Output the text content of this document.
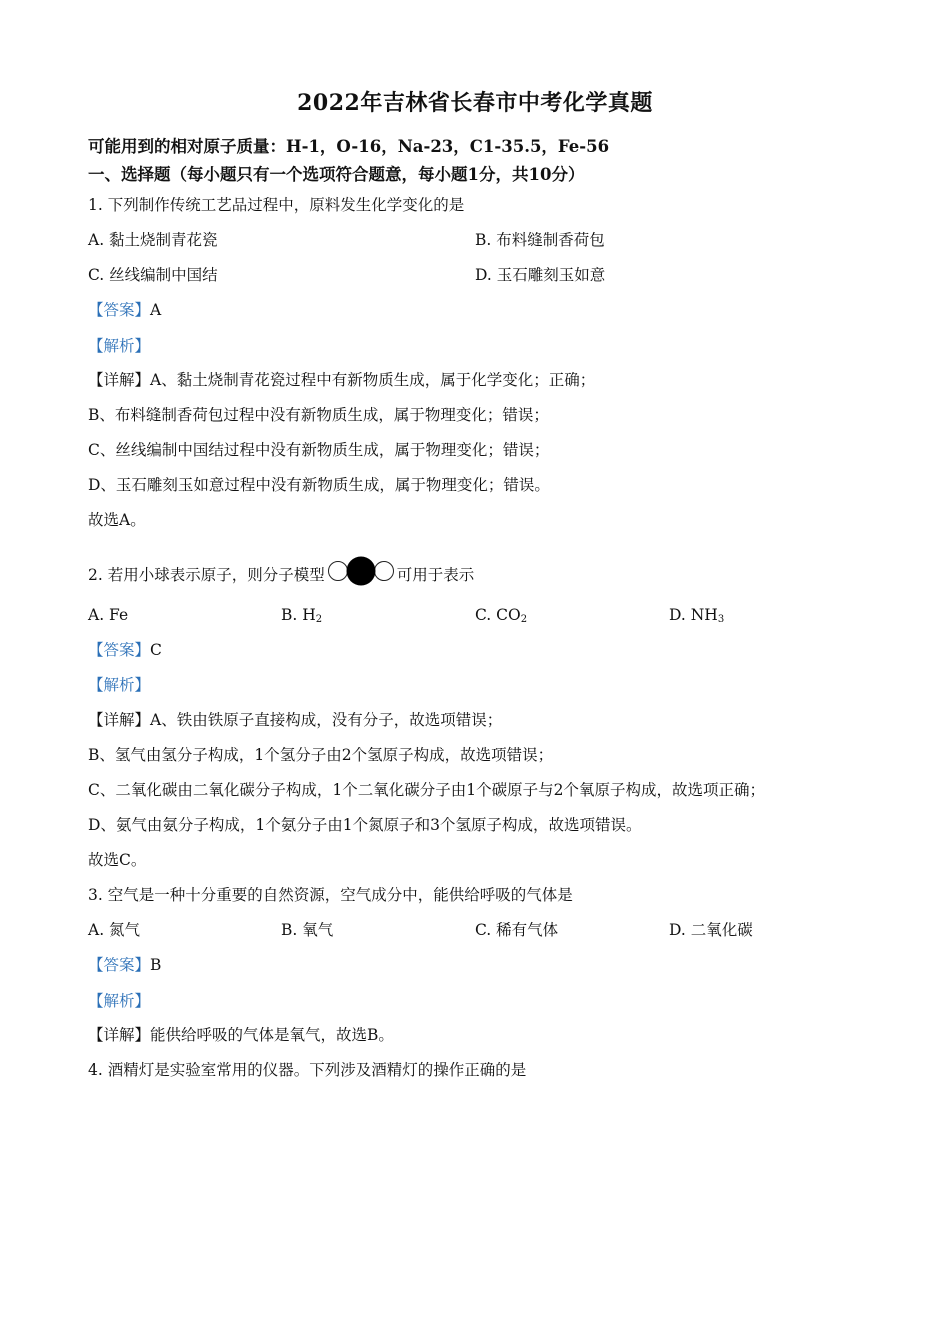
2022年吉林省长春市中考化学真题
可能用到的相对原子质量：H-1，O-16，Na-23，C1-35.5，Fe-56
一、选择题（每小题只有一个选项符合题意，每小题1分，共10分）
1. 下列制作传统工艺品过程中，原料发生化学变化的是
A. 黏土烧制青花瓷	B. 布料缝制香荷包
C. 丝线编制中国结	D. 玉石雕刻玉如意
【答案】A
【解析】
【详解】A、黏土烧制青花瓷过程中有新物质生成，属于化学变化；正确；
B、布料缝制香荷包过程中没有新物质生成，属于物理变化；错误；
C、丝线编制中国结过程中没有新物质生成，属于物理变化；错误；
D、玉石雕刻玉如意过程中没有新物质生成，属于物理变化；错误。
故选A。
2. 若用小球表示原子，则分子模型	可用于表示
A. Fe	B. $H_2$	C. $CO_2$	D. $NH_3$
【答案】C
【解析】
【详解】A、铁由铁原子直接构成，没有分子，故选项错误；
B、氢气由氢分子构成，1个氢分子由2个氢原子构成，故选项错误；
C、二氧化碳由二氧化碳分子构成，1个二氧化碳分子由1个碳原子与2个氧原子构成，故选项正确；
D、氨气由氨分子构成，1个氨分子由1个氮原子和3个氢原子构成，故选项错误。
故选C。
3. 空气是一种十分重要的自然资源，空气成分中，能供给呼吸的气体是
A. 氮气	B. 氧气	C. 稀有气体	D. 二氧化碳
【答案】B
【解析】
【详解】能供给呼吸的气体是氧气，故选B。
4. 酒精灯是实验室常用的仪器。下列涉及酒精灯的操作正确的是
